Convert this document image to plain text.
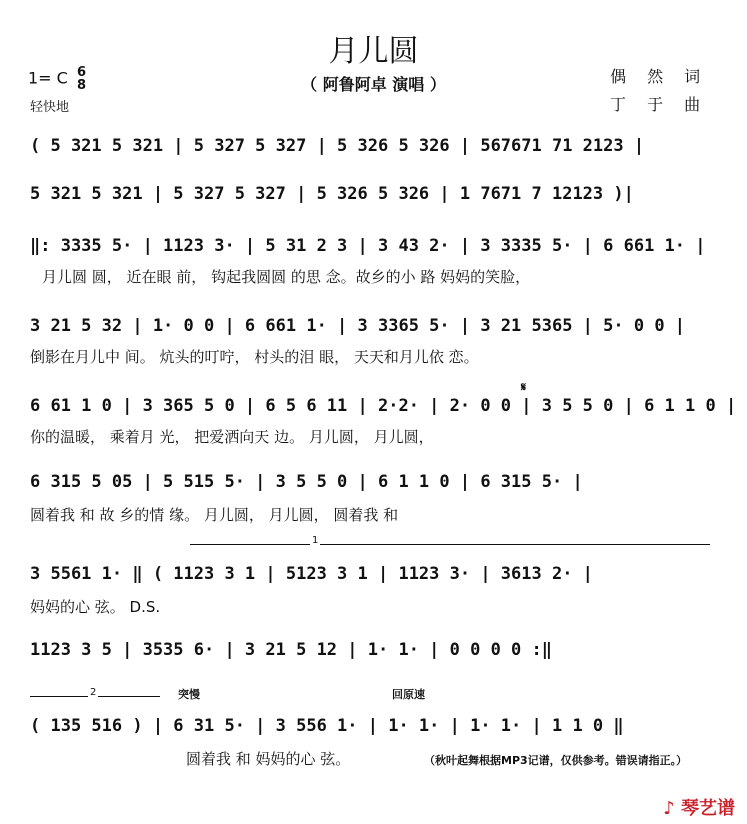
月儿圆
（ 阿鲁阿卓 演唱 ）
1= C 6
8
轻快地
偶 然 词
丁 于 曲
( 5 321 5 321 | 5 327 5 327 | 5 326 5 326 | 567671 71 2123 |
5 321 5 321 | 5 327 5 327 | 5 326 5 326 | 1 7671 7 12123 )|
‖: 3335 5· | 1123 3· | 5 31 2 3 | 3 43 2· | 3 3335 5· | 6 661 1· |
月儿圆 圆， 近在眼 前， 钩起我圆圆 的思 念。故乡的小 路 妈妈的笑脸，
3 21 5 32 | 1· 0 0 | 6 661 1· | 3 3365 5· | 3 21 5365 | 5· 0 0 |
倒影在月儿中 间。 炕头的叮咛， 村头的泪 眼， 天天和月儿依 恋。
𝄋
6 61 1 0 | 3 365 5 0 | 6 5 6 11 | 2·2· | 2· 0 0 | 3 5 5 0 | 6 1 1 0 |
你的温暖， 乘着月 光， 把爱洒向天 边。 月儿圆， 月儿圆，
6 315 5 05 | 5 515 5· | 3 5 5 0 | 6 1 1 0 | 6 315 5· |
圆着我 和 故 乡的情 缘。 月儿圆， 月儿圆， 圆着我 和
1
3 5561 1· ‖ ( 1123 3 1 | 5123 3 1 | 1123 3· | 3613 2· |
妈妈的心 弦。 D.S.
1123 3 5 | 3535 6· | 3 21 5 12 | 1· 1· | 0 0 0 0 :‖
2	突慢	回原速
( 135 516 ) | 6 31 5· | 3 556 1· | 1· 1· | 1· 1· | 1 1 0 ‖
圆着我 和 妈妈的心 弦。	（秋叶起舞根据MP3记谱，仅供参考。错误请指正。）
♪ 琴艺谱
